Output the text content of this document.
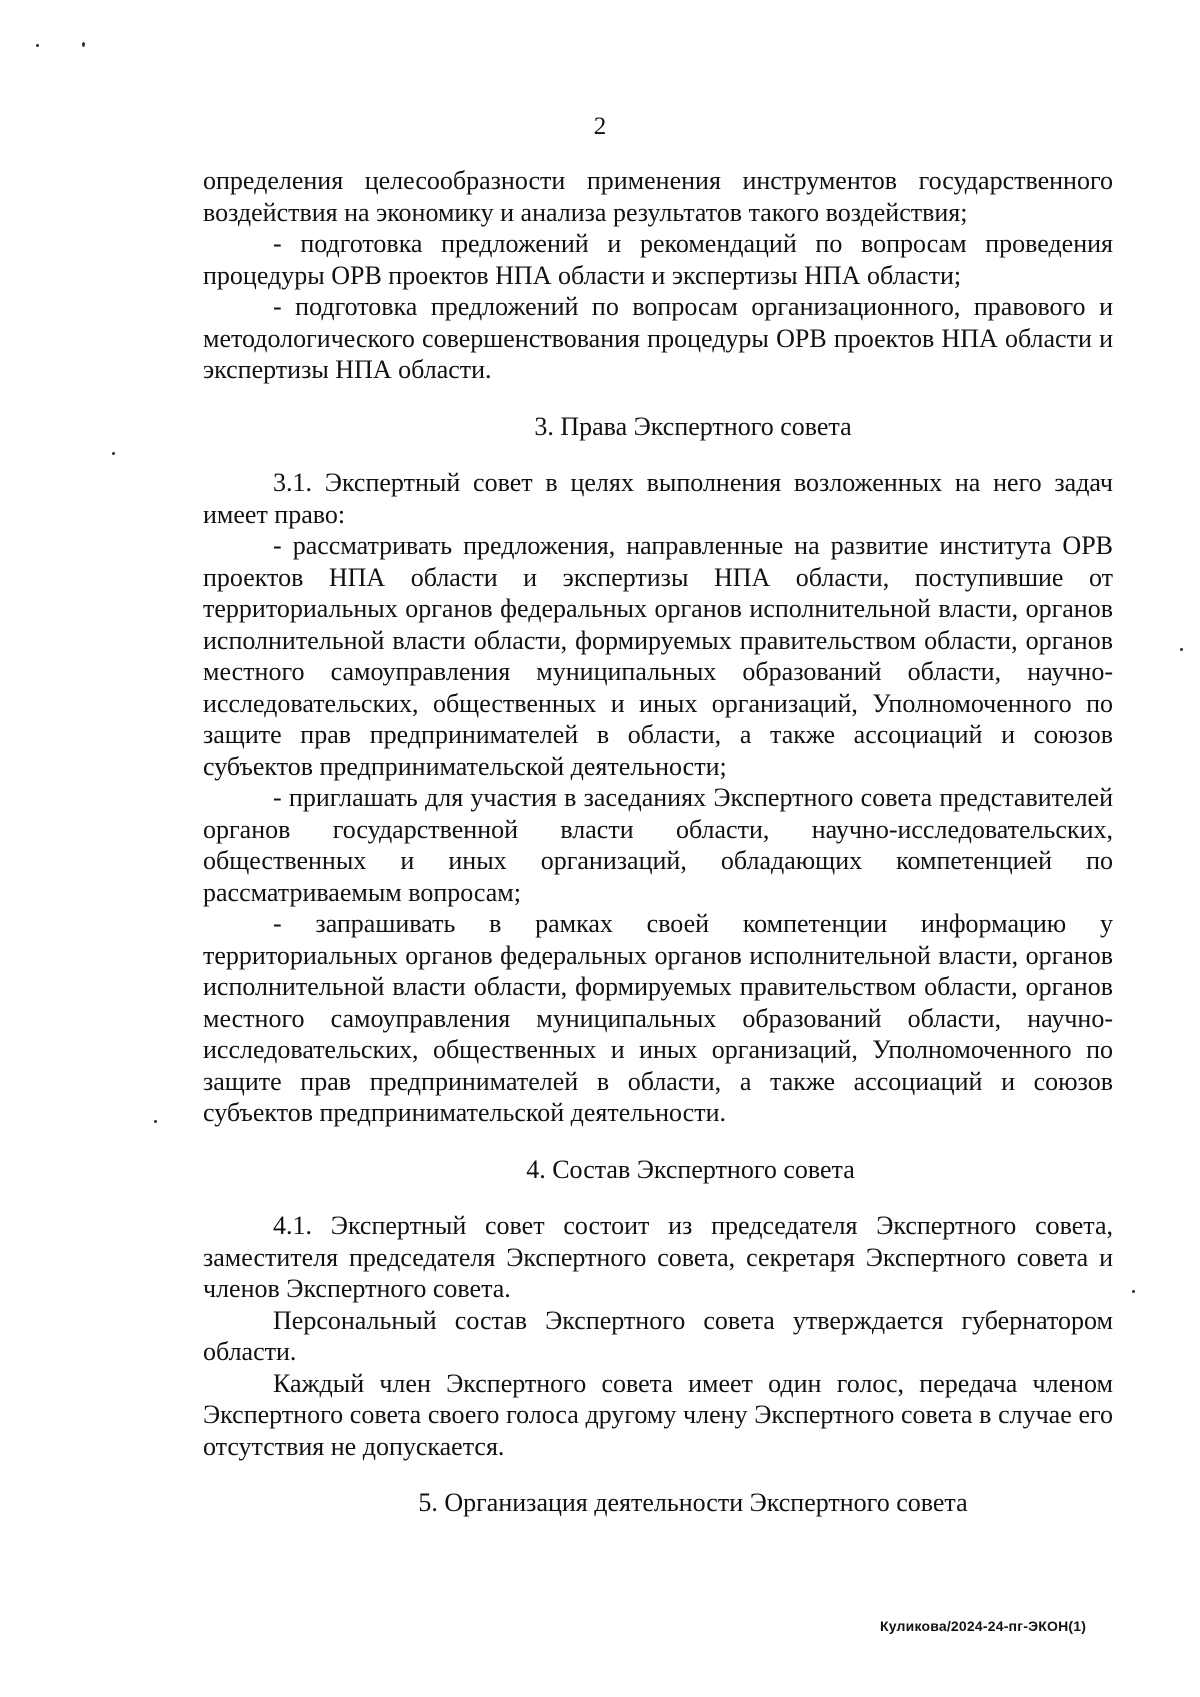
2

определения целесообразности применения инструментов государственного воздействия на экономику и анализа результатов такого воздействия;

- подготовка предложений и рекомендаций по вопросам проведения процедуры ОРВ проектов НПА области и экспертизы НПА области;

- подготовка предложений по вопросам организационного, правового и методологического совершенствования процедуры ОРВ проектов НПА области и экспертизы НПА области.

3. Права Экспертного совета

3.1. Экспертный совет в целях выполнения возложенных на него задач имеет право:

- рассматривать предложения, направленные на развитие института ОРВ проектов НПА области и экспертизы НПА области, поступившие от территориальных органов федеральных органов исполнительной власти, органов исполнительной власти области, формируемых правительством области, органов местного самоуправления муниципальных образований области, научно-исследовательских, общественных и иных организаций, Уполномоченного по защите прав предпринимателей в области, а также ассоциаций и союзов субъектов предпринимательской деятельности;

- приглашать для участия в заседаниях Экспертного совета представителей органов государственной власти области, научно-исследовательских, общественных и иных организаций, обладающих компетенцией по рассматриваемым вопросам;

- запрашивать в рамках своей компетенции информацию у территориальных органов федеральных органов исполнительной власти, органов исполнительной власти области, формируемых правительством области, органов местного самоуправления муниципальных образований области, научно-исследовательских, общественных и иных организаций, Уполномоченного по защите прав предпринимателей в области, а также ассоциаций и союзов субъектов предпринимательской деятельности.

4. Состав Экспертного совета

4.1. Экспертный совет состоит из председателя Экспертного совета, заместителя председателя Экспертного совета, секретаря Экспертного совета и членов Экспертного совета.

Персональный состав Экспертного совета утверждается губернатором области.

Каждый член Экспертного совета имеет один голос, передача членом Экспертного совета своего голоса другому члену Экспертного совета в случае его отсутствия не допускается.

5. Организация деятельности Экспертного совета

Куликова/2024-24-пг-ЭКОН(1)
